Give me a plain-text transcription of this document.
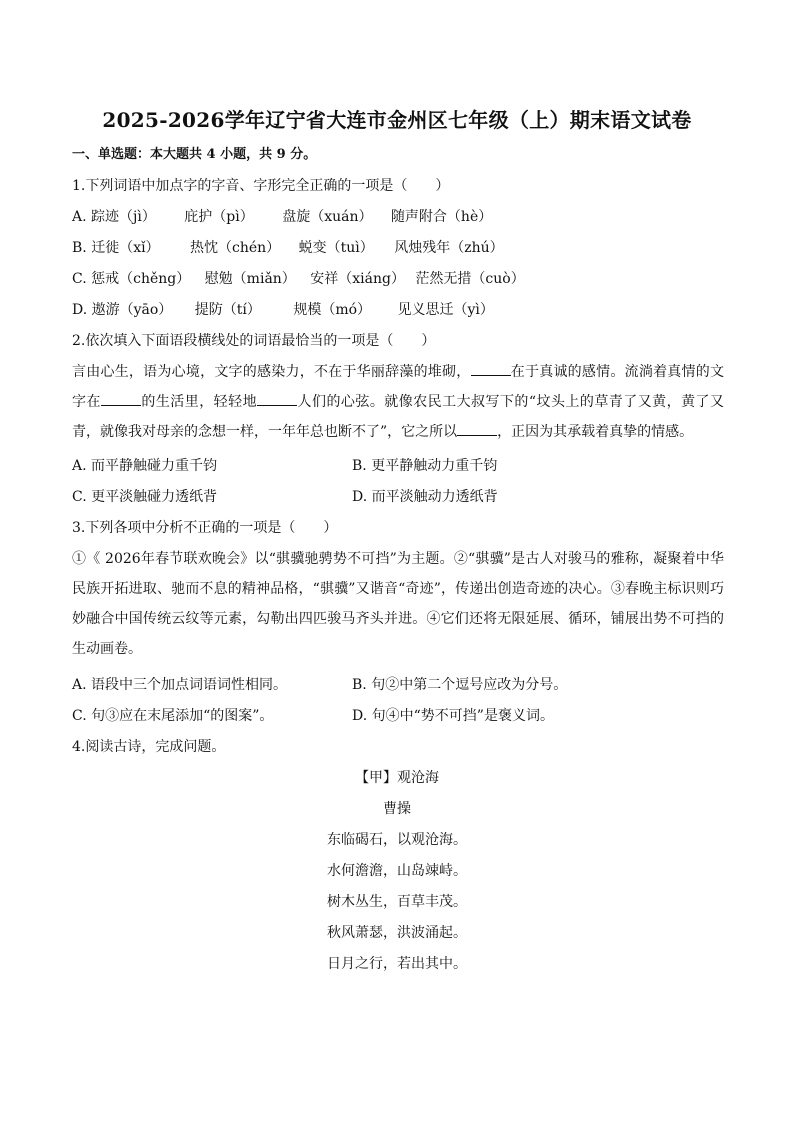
2025-2026学年辽宁省大连市金州区七年级（上）期末语文试卷
一、单选题：本大题共 4 小题，共 9 分。
1.下列词语中加点字的字音、字形完全正确的一项是（　　）
A. 踪迹（jì） 庇护（pì） 盘旋（xuán） 随声附合（hè）
B. 迁徙（xǐ） 热忱（chén） 蜕变（tuì） 风烛残年（zhú）
C. 惩戒（chěng） 慰勉（miǎn） 安祥（xiáng） 茫然无措（cuò）
D. 遨游（yāo） 提防（tí） 规模（mó） 见义思迁（yì）
2.依次填入下面语段横线处的词语最恰当的一项是（　　）
言由心生，语为心境，文字的感染力，不在于华丽辞藻的堆砌，	在于真诚的感情。流淌着真情的文字在	的生活里，轻轻地	人们的心弦。就像农民工大叔写下的“坟头上的草青了又黄，黄了又青，就像我对母亲的念想一样，一年年总也断不了”，它之所以	，正因为其承载着真挚的情感。
A. 而平静触碰力重千钧	B. 更平静触动力重千钧
C. 更平淡触碰力透纸背	D. 而平淡触动力透纸背
3.下列各项中分析不正确的一项是（　　）
①《 2026年春节联欢晚会》以“骐骥驰骋势不可挡”为主题。②“骐骥”是古人对骏马的雅称，凝聚着中华民族开拓进取、驰而不息的精神品格，“骐骥”又谐音“奇迹”，传递出创造奇迹的决心。③春晚主标识则巧妙融合中国传统云纹等元素，勾勒出四匹骏马齐头并进。④它们还将无限延展、循环，铺展出势不可挡的生动画卷。
A. 语段中三个加点词语词性相同。	B. 句②中第二个逗号应改为分号。
C. 句③应在末尾添加“的图案”。	D. 句④中“势不可挡”是褒义词。
4.阅读古诗，完成问题。
【甲】观沧海
曹操
东临碣石，以观沧海。
水何澹澹，山岛竦峙。
树木丛生，百草丰茂。
秋风萧瑟，洪波涌起。
日月之行，若出其中。
